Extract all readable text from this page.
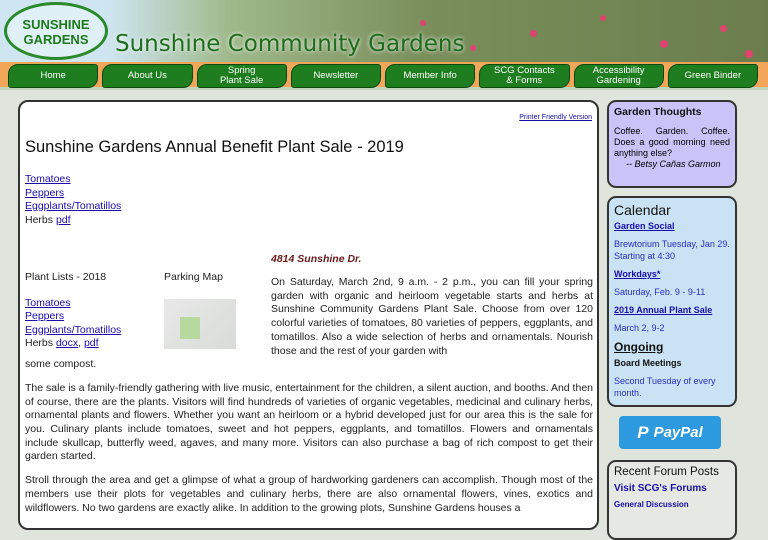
SUNSHINE GARDENS	Sunshine Community Gardens
Home	About Us	Spring
Plant Sale	Newsletter	Member Info	SCG Contacts
& Forms
Accessibility
Gardening	Green Binder
Printer Friendly Version
Sunshine Gardens Annual Benefit Plant Sale - 2019
Tomatoes
Peppers
Eggplants/Tomatillos
Herbs pdf
Plant Lists - 2018
Tomatoes
Peppers
Eggplants/Tomatillos
Herbs docx, pdf
Parking Map
4814 Sunshine Dr.

On Saturday, March 2nd, 9 a.m. - 2 p.m., you can fill your spring garden with organic and heirloom vegetable starts and herbs at Sunshine Community Gardens Plant Sale. Choose from over 120 colorful varieties of tomatoes, 80 varieties of peppers, eggplants, and tomatillos. Also a wide selection of herbs and ornamentals. Nourish those and the rest of your garden with

some compost.

The sale is a family-friendly gathering with live music, entertainment for the children, a silent auction, and booths. And then of course, there are the plants. Visitors will find hundreds of varieties of organic vegetables, medicinal and culinary herbs, ornamental plants and flowers. Whether you want an heirloom or a hybrid developed just for our area this is the sale for you. Culinary plants include tomatoes, sweet and hot peppers, eggplants, and tomatillos. Flowers and ornamentals include skullcap, butterfly weed, agaves, and many more. Visitors can also purchase a bag of rich compost to get their garden started.

Stroll through the area and get a glimpse of what a group of hardworking gardeners can accomplish. Though most of the members use their plots for vegetables and culinary herbs, there are also ornamental flowers, vines, exotics and wildflowers. No two gardens are exactly alike. In addition to the growing plots, Sunshine Gardens houses a

Garden Thoughts
Coffee. Garden. Coffee. Does a good morning need anything else?
-- Betsy Cañas Garmon
Calendar
Garden Social
Brewtorium Tuesday, Jan 29. Starting at 4:30
Workdays*
Saturday, Feb. 9 - 9-11
2019 Annual Plant Sale
March 2, 9-2
Ongoing
Board Meetings
Second Tuesday of every month.
P PayPal
Recent Forum Posts
Visit SCG's Forums
General Discussion
